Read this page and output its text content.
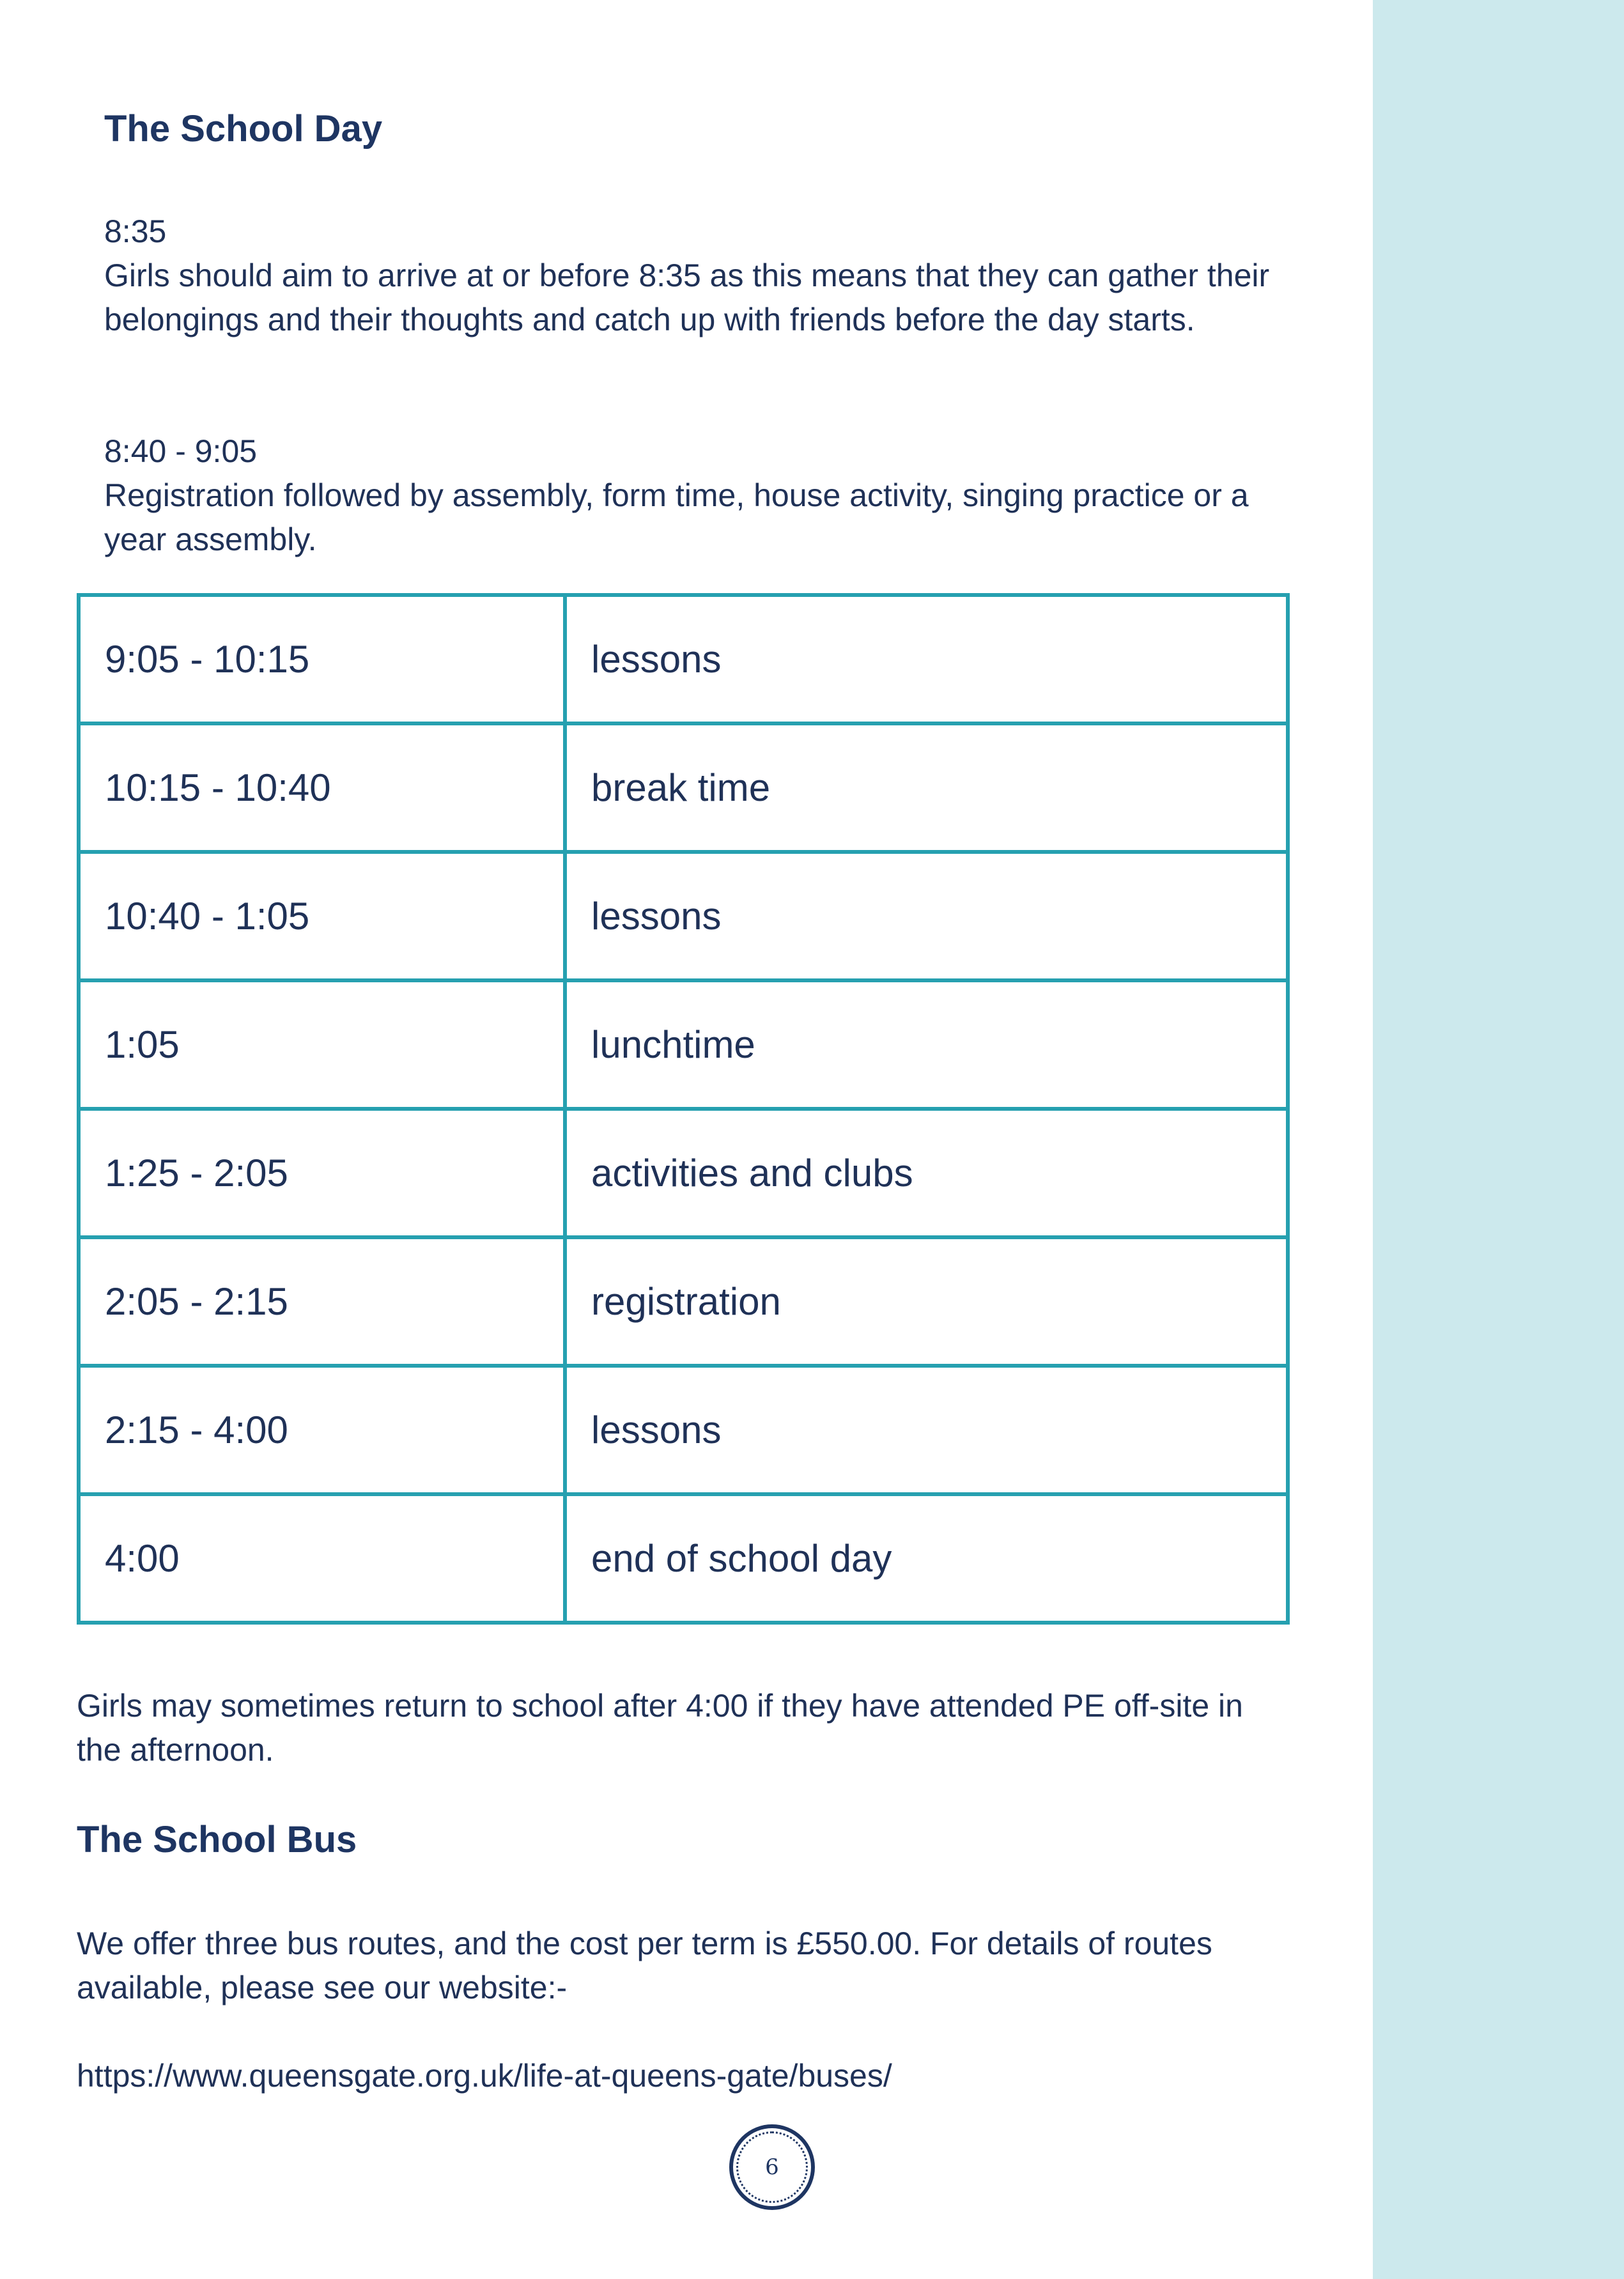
The School Day
8:35
Girls should aim to arrive at or before 8:35 as this means that they can gather their belongings and their thoughts and catch up with friends before the day starts.
8:40 - 9:05
Registration followed by assembly, form time, house activity, singing practice or a year assembly.
9:05 - 10:15	lessons
10:15 - 10:40	break time
10:40 - 1:05	lessons
1:05	lunchtime
1:25 - 2:05	activities and clubs
2:05 - 2:15	registration
2:15 - 4:00	lessons
4:00	end of school day

Girls may sometimes return to school after 4:00 if they have attended PE off-site in the afternoon.

The School Bus

We offer three bus routes, and the cost per term is £550.00. For details of routes available, please see our website:-

https://www.queensgate.org.uk/life-at-queens-gate/buses/
6
